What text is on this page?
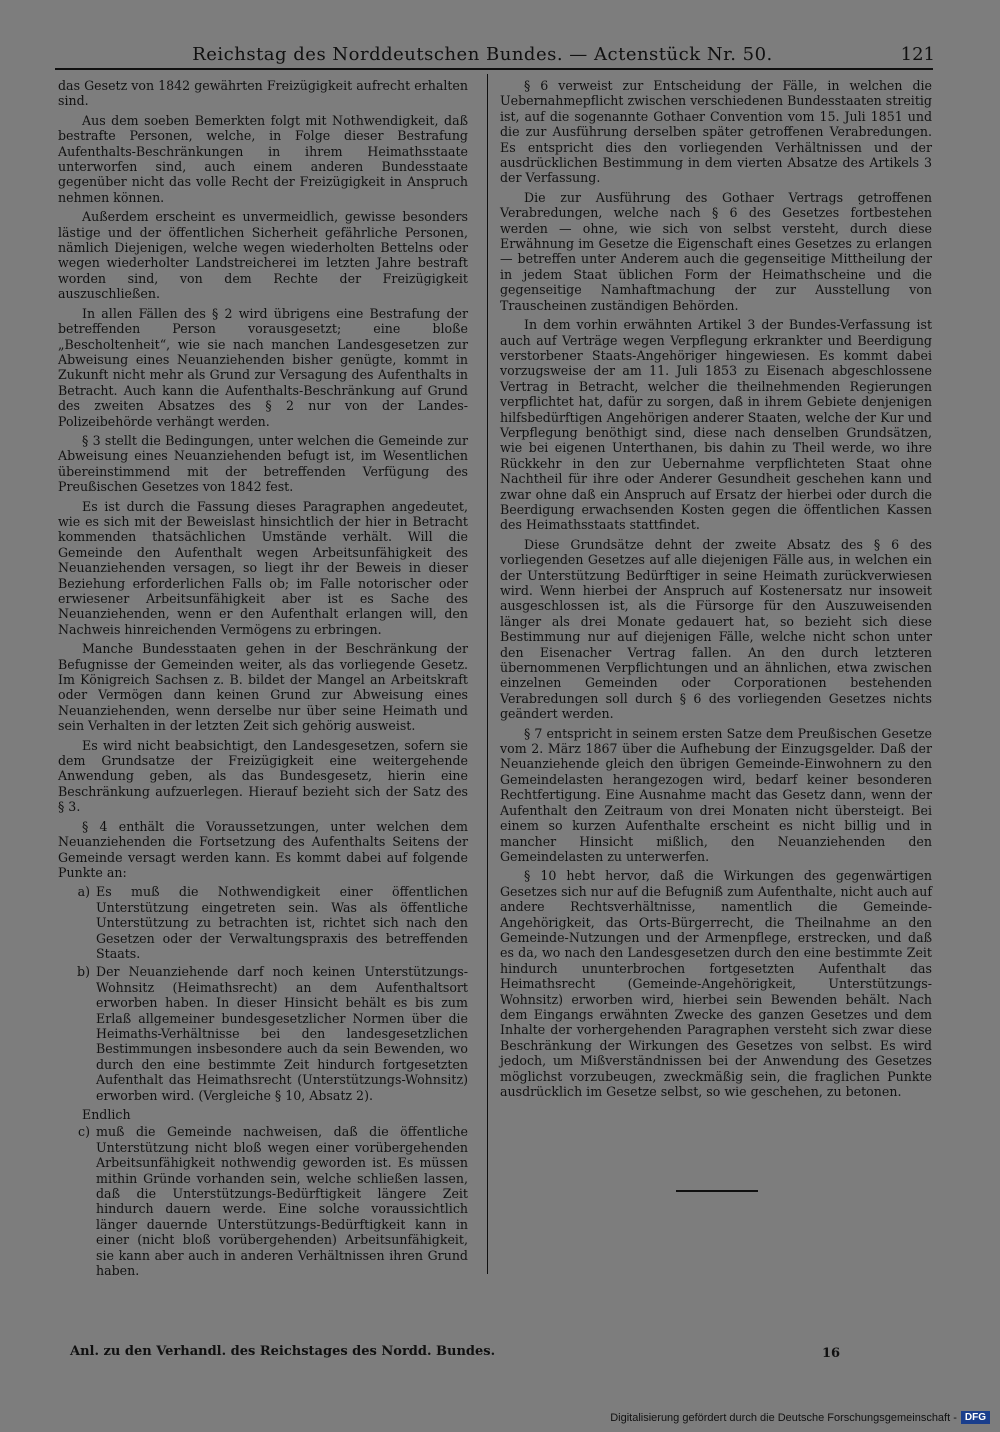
Reichstag des Norddeutschen Bundes. — Actenstück Nr. 50.	121

das Gesetz von 1842 gewährten Freizügigkeit aufrecht erhalten sind.

Aus dem soeben Bemerkten folgt mit Nothwendigkeit, daß bestrafte Personen, welche, in Folge dieser Bestrafung Aufenthalts-Beschränkungen in ihrem Heimathsstaate unterworfen sind, auch einem anderen Bundesstaate gegenüber nicht das volle Recht der Freizügigkeit in Anspruch nehmen können.

Außerdem erscheint es unvermeidlich, gewisse besonders lästige und der öffentlichen Sicherheit gefährliche Personen, nämlich Diejenigen, welche wegen wiederholten Bettelns oder wegen wiederholter Landstreicherei im letzten Jahre bestraft worden sind, von dem Rechte der Freizügigkeit auszuschließen.

In allen Fällen des § 2 wird übrigens eine Bestrafung der betreffenden Person vorausgesetzt; eine bloße „Bescholtenheit“, wie sie nach manchen Landesgesetzen zur Abweisung eines Neuanziehenden bisher genügte, kommt in Zukunft nicht mehr als Grund zur Versagung des Aufenthalts in Betracht. Auch kann die Aufenthalts-Beschränkung auf Grund des zweiten Absatzes des § 2 nur von der Landes-Polizeibehörde verhängt werden.

§ 3 stellt die Bedingungen, unter welchen die Gemeinde zur Abweisung eines Neuanziehenden befugt ist, im Wesentlichen übereinstimmend mit der betreffenden Verfügung des Preußischen Gesetzes von 1842 fest.

Es ist durch die Fassung dieses Paragraphen angedeutet, wie es sich mit der Beweislast hinsichtlich der hier in Betracht kommenden thatsächlichen Umstände verhält. Will die Gemeinde den Aufenthalt wegen Arbeitsunfähigkeit des Neuanziehenden versagen, so liegt ihr der Beweis in dieser Beziehung erforderlichen Falls ob; im Falle notorischer oder erwiesener Arbeitsunfähigkeit aber ist es Sache des Neuanziehenden, wenn er den Aufenthalt erlangen will, den Nachweis hinreichenden Vermögens zu erbringen.

Manche Bundesstaaten gehen in der Beschränkung der Befugnisse der Gemeinden weiter, als das vorliegende Gesetz. Im Königreich Sachsen z. B. bildet der Mangel an Arbeitskraft oder Vermögen dann keinen Grund zur Abweisung eines Neuanziehenden, wenn derselbe nur über seine Heimath und sein Verhalten in der letzten Zeit sich gehörig ausweist.

Es wird nicht beabsichtigt, den Landesgesetzen, sofern sie dem Grundsatze der Freizügigkeit eine weitergehende Anwendung geben, als das Bundesgesetz, hierin eine Beschränkung aufzuerlegen. Hierauf bezieht sich der Satz des § 3.

§ 4 enthält die Voraussetzungen, unter welchen dem Neuanziehenden die Fortsetzung des Aufenthalts Seitens der Gemeinde versagt werden kann. Es kommt dabei auf folgende Punkte an:

a) Es muß die Nothwendigkeit einer öffentlichen Unterstützung eingetreten sein. Was als öffentliche Unterstützung zu betrachten ist, richtet sich nach den Gesetzen oder der Verwaltungspraxis des betreffenden Staats.
b) Der Neuanziehende darf noch keinen Unterstützungs-Wohnsitz (Heimathsrecht) an dem Aufenthaltsort erworben haben. In dieser Hinsicht behält es bis zum Erlaß allgemeiner bundesgesetzlicher Normen über die Heimaths-Verhältnisse bei den landesgesetzlichen Bestimmungen insbesondere auch da sein Bewenden, wo durch den eine bestimmte Zeit hindurch fortgesetzten Aufenthalt das Heimathsrecht (Unterstützungs-Wohnsitz) erworben wird. (Vergleiche § 10, Absatz 2).
Endlich
c) muß die Gemeinde nachweisen, daß die öffentliche Unterstützung nicht bloß wegen einer vorübergehenden Arbeitsunfähigkeit nothwendig geworden ist. Es müssen mithin Gründe vorhanden sein, welche schließen lassen, daß die Unterstützungs-Bedürftigkeit längere Zeit hindurch dauern werde. Eine solche voraussichtlich länger dauernde Unterstützungs-Bedürftigkeit kann in einer (nicht bloß vorübergehenden) Arbeitsunfähigkeit, sie kann aber auch in anderen Verhältnissen ihren Grund haben.

§ 6 verweist zur Entscheidung der Fälle, in welchen die Uebernahmepflicht zwischen verschiedenen Bundesstaaten streitig ist, auf die sogenannte Gothaer Convention vom 15. Juli 1851 und die zur Ausführung derselben später getroffenen Verabredungen. Es entspricht dies den vorliegenden Verhältnissen und der ausdrücklichen Bestimmung in dem vierten Absatze des Artikels 3 der Verfassung.

Die zur Ausführung des Gothaer Vertrags getroffenen Verabredungen, welche nach § 6 des Gesetzes fortbestehen werden — ohne, wie sich von selbst versteht, durch diese Erwähnung im Gesetze die Eigenschaft eines Gesetzes zu erlangen — betreffen unter Anderem auch die gegenseitige Mittheilung der in jedem Staat üblichen Form der Heimathscheine und die gegenseitige Namhaftmachung der zur Ausstellung von Trauscheinen zuständigen Behörden.

In dem vorhin erwähnten Artikel 3 der Bundes-Verfassung ist auch auf Verträge wegen Verpflegung erkrankter und Beerdigung verstorbener Staats-Angehöriger hingewiesen. Es kommt dabei vorzugsweise der am 11. Juli 1853 zu Eisenach abgeschlossene Vertrag in Betracht, welcher die theilnehmenden Regierungen verpflichtet hat, dafür zu sorgen, daß in ihrem Gebiete denjenigen hilfsbedürftigen Angehörigen anderer Staaten, welche der Kur und Verpflegung benöthigt sind, diese nach denselben Grundsätzen, wie bei eigenen Unterthanen, bis dahin zu Theil werde, wo ihre Rückkehr in den zur Uebernahme verpflichteten Staat ohne Nachtheil für ihre oder Anderer Gesundheit geschehen kann und zwar ohne daß ein Anspruch auf Ersatz der hierbei oder durch die Beerdigung erwachsenden Kosten gegen die öffentlichen Kassen des Heimathsstaats stattfindet.

Diese Grundsätze dehnt der zweite Absatz des § 6 des vorliegenden Gesetzes auf alle diejenigen Fälle aus, in welchen ein der Unterstützung Bedürftiger in seine Heimath zurückverwiesen wird. Wenn hierbei der Anspruch auf Kostenersatz nur insoweit ausgeschlossen ist, als die Fürsorge für den Auszuweisenden länger als drei Monate gedauert hat, so bezieht sich diese Bestimmung nur auf diejenigen Fälle, welche nicht schon unter den Eisenacher Vertrag fallen. An den durch letzteren übernommenen Verpflichtungen und an ähnlichen, etwa zwischen einzelnen Gemeinden oder Corporationen bestehenden Verabredungen soll durch § 6 des vorliegenden Gesetzes nichts geändert werden.

§ 7 entspricht in seinem ersten Satze dem Preußischen Gesetze vom 2. März 1867 über die Aufhebung der Einzugsgelder. Daß der Neuanziehende gleich den übrigen Gemeinde-Einwohnern zu den Gemeindelasten herangezogen wird, bedarf keiner besonderen Rechtfertigung. Eine Ausnahme macht das Gesetz dann, wenn der Aufenthalt den Zeitraum von drei Monaten nicht übersteigt. Bei einem so kurzen Aufenthalte erscheint es nicht billig und in mancher Hinsicht mißlich, den Neuanziehenden den Gemeindelasten zu unterwerfen.

§ 10 hebt hervor, daß die Wirkungen des gegenwärtigen Gesetzes sich nur auf die Befugniß zum Aufenthalte, nicht auch auf andere Rechtsverhältnisse, namentlich die Gemeinde-Angehörigkeit, das Orts-Bürgerrecht, die Theilnahme an den Gemeinde-Nutzungen und der Armenpflege, erstrecken, und daß es da, wo nach den Landesgesetzen durch den eine bestimmte Zeit hindurch ununterbrochen fortgesetzten Aufenthalt das Heimathsrecht (Gemeinde-Angehörigkeit, Unterstützungs-Wohnsitz) erworben wird, hierbei sein Bewenden behält. Nach dem Eingangs erwähnten Zwecke des ganzen Gesetzes und dem Inhalte der vorhergehenden Paragraphen versteht sich zwar diese Beschränkung der Wirkungen des Gesetzes von selbst. Es wird jedoch, um Mißverständnissen bei der Anwendung des Gesetzes möglichst vorzubeugen, zweckmäßig sein, die fraglichen Punkte ausdrücklich im Gesetze selbst, so wie geschehen, zu betonen.

Anl. zu den Verhandl. des Reichstages des Nordd. Bundes.	16
Digitalisierung gefördert durch die Deutsche Forschungsgemeinschaft - DFG
